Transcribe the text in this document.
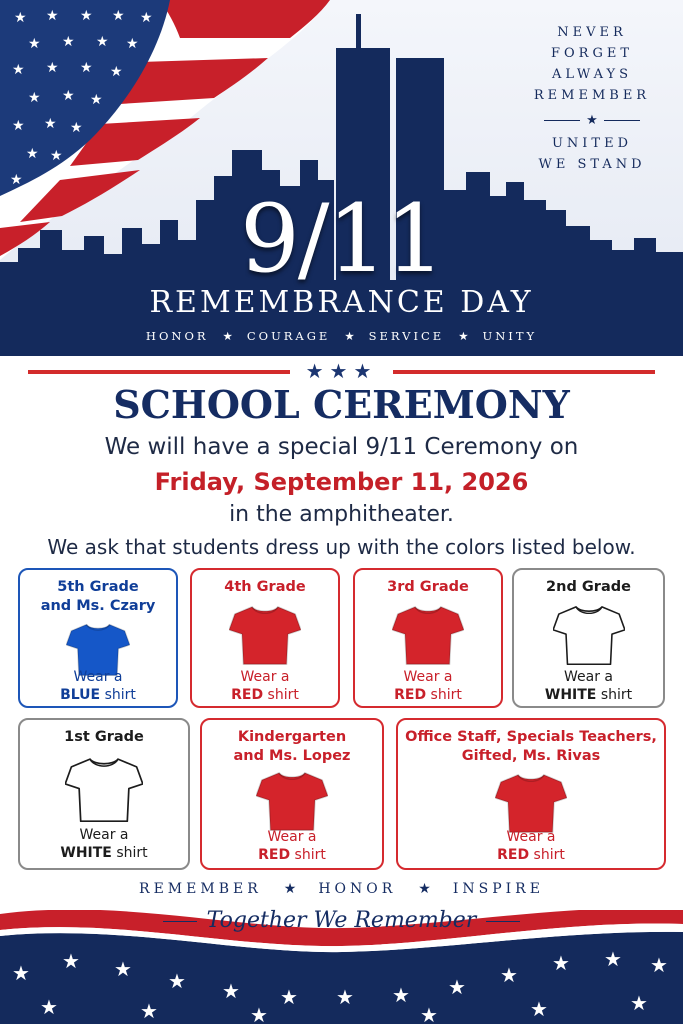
★ ★ ★ ★ ★
★ ★ ★ ★
★ ★ ★ ★
★ ★ ★
★ ★ ★
★ ★
★
NEVER
FORGET
ALWAYS
REMEMBER
★
UNITED
WE STAND
9/11
REMEMBRANCE DAY
HONOR ★ COURAGE ★ SERVICE ★ UNITY
★★★
SCHOOL CEREMONY
We will have a special 9/11 Ceremony on
Friday, September 11, 2026
in the amphitheater.
We ask that students dress up with the colors listed below.
5th Grade
and Ms. Czary
Wear a
BLUE shirt
4th Grade
Wear a
RED shirt
3rd Grade
Wear a
RED shirt
2nd Grade
Wear a
WHITE shirt
1st Grade
Wear a
WHITE shirt
Kindergarten
and Ms. Lopez
Wear a
RED shirt
Office Staff, Specials Teachers,
Gifted, Ms. Rivas
Wear a
RED shirt
★ ★ ★ ★ ★ ★ ★ ★ ★ ★ ★ ★ ★
★	★	★	★	★	★
REMEMBER ★ HONOR ★ INSPIRE
Together We Remember
